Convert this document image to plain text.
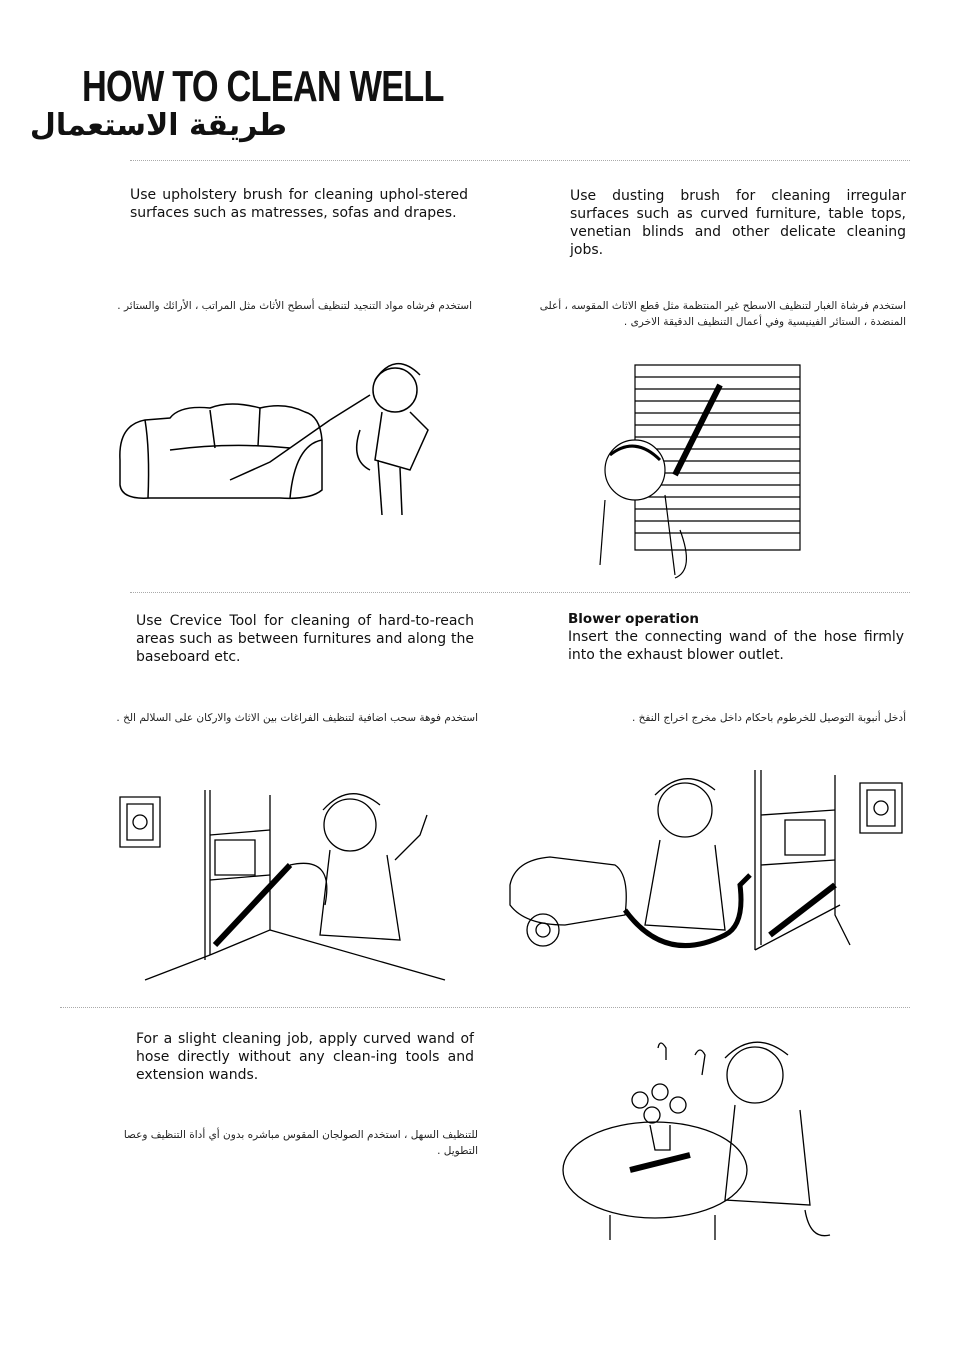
HOW TO CLEAN WELL
طريقة الاستعمال
Use upholstery brush for cleaning uphol-stered surfaces such as matresses, sofas and drapes.
استخدم فرشاه مواد التنجيد لتنظيف أسطح الأثاث مثل المراتب ، الأرائك والستائر .
Use dusting brush for cleaning irregular surfaces such as curved furniture, table tops, venetian blinds and other delicate cleaning jobs.
استخدم فرشاة الغبار لتنظيف الاسطح غير المنتظمة مثل قطع الاثاث المقوسه ، أعلى المنضدة ، الستائر الفينيسية وفي أعمال التنظيف الدقيقة الاخرى .
Use Crevice Tool for cleaning of hard-to-reach areas such as between furnitures and along the baseboard etc.
استخدم فوهة سحب اضافية لتنظيف الفراغات بين الاثاث والاركان على السلالم الخ .
Blower operation
Insert the connecting wand of the hose firmly into the exhaust blower outlet.
أدخل أنبوبة التوصيل للخرطوم باحكام داخل مخرج اخراج النفخ .
For a slight cleaning job, apply curved wand of hose directly without any clean-ing tools and extension wands.
للتنظيف السهل ، استخدم الصولجان المقوس مباشره بدون أي أداة التنظيف وعصا التطويل .
